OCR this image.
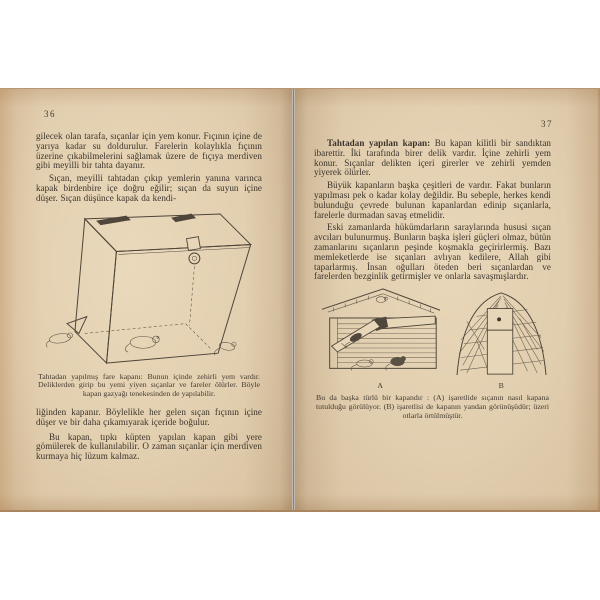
36

gilecek olan tarafa, sıçanlar için yem konur. Fıçının içine de yarıya kadar su doldurulur. Farelerin kolaylıkla fıçının üzerine çıkabilmelerini sağlamak üzere de fıçıya merdiven gibi meyilli bir tahta dayanır.

Sıçan, meyilli tahtadan çıkıp yemlerin yanına varınca kapak birdenbire içe doğru eğilir; sıçan da suyun içine düşer. Sıçan düşünce kapak da kendi-

Tahtadan yapılmış fare kapanı: Bunun içinde zehirli yem vardır. Deliklerden girip bu yemi yiyen sıçanlar ve fareler ölürler. Böyle kapan gazyağı tenekesinden de yapılabilir.

liğinden kapanır. Böylelikle her gelen sıçan fıçının içine düşer ve bir daha çıkamıyarak içeride boğulur.

Bu kapan, tıpkı küpten yapılan kapan gibi yere gömülerek de kullanılabilir. O zaman sıçanlar için merdiven kurmaya hiç lüzum kalmaz.

37

Tahtadan yapılan kapan: Bu kapan kilitli bir sandıktan ibarettir. İki tarafında birer delik vardır. İçine zehirli yem konur. Sıçanlar delikten içeri girerler ve zehirli yemden yiyerek ölürler.

Büyük kapanların başka çeşitleri de vardır. Fakat bunların yapılması pek o kadar kolay değildir. Bu sebeple, herkes kendi bulunduğu çevrede bulunan kapanlardan edinip sıçanlarla, farelerle durmadan savaş etmelidir.

Eski zamanlarda hükümdarların saraylarında hususi sıçan avcıları bulunurmuş. Bunların başka işleri güçleri olmaz, bütün zamanlarını sıçanların peşinde koşmakla geçirirlermiş. Bazı memleketlerde ise sıçanları avlıyan kedilere, Allah gibi taparlarmış. İnsan oğulları öteden beri sıçanlardan ve farelerden bezginlik getirmişler ve onlarla savaşmışlardır.

A	B

Bu da başka türlü bir kapandır : (A) işaretlide sıçanın nasıl kapana tutulduğu görülüyor. (B) işaretlisi de kapanın yandan görünüşüdür; üzeri otlarla örtülmüştür.
